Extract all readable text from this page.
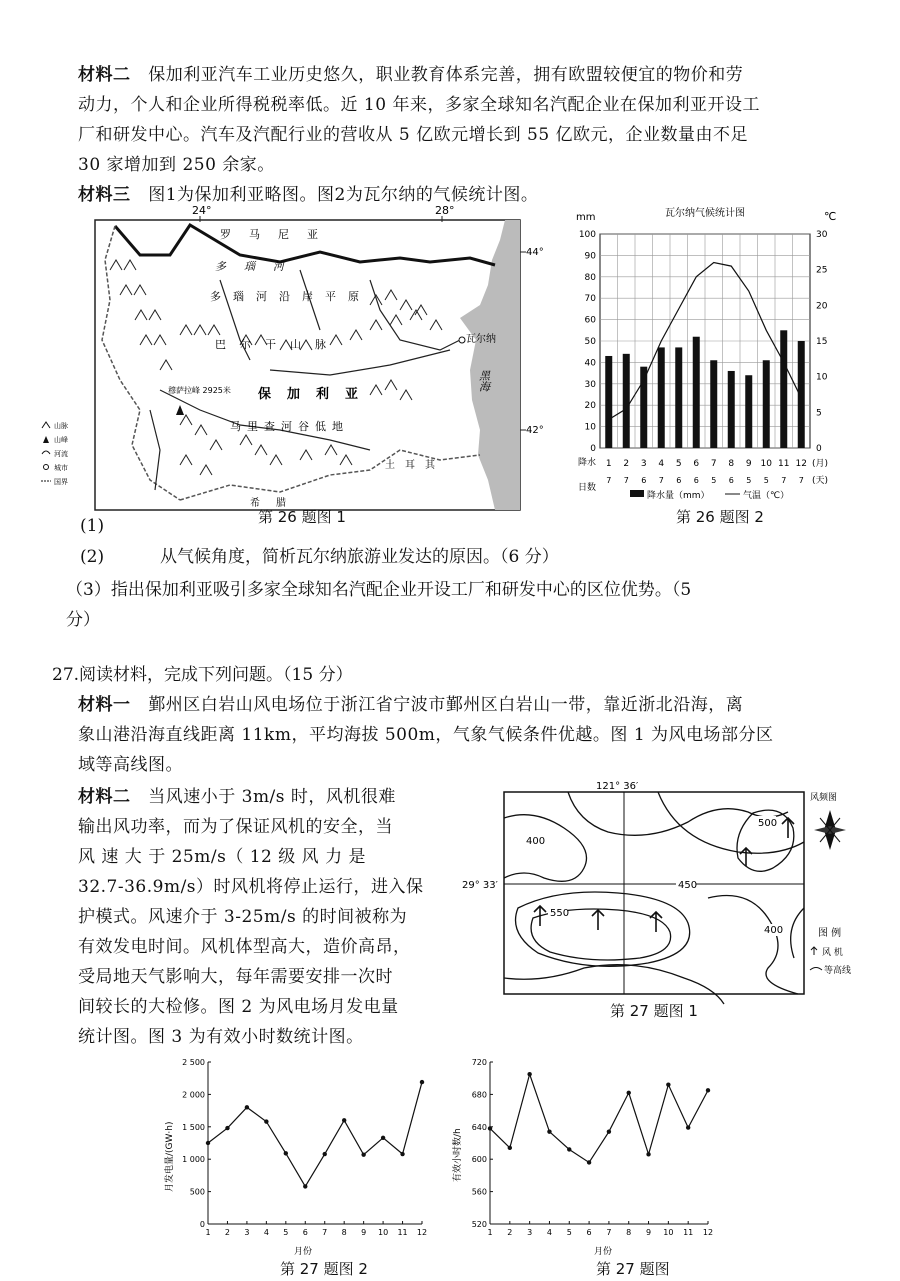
材料二 保加利亚汽车工业历史悠久，职业教育体系完善，拥有欧盟较便宜的物价和劳
动力，个人和企业所得税税率低。近 10 年来，多家全球知名汽配企业在保加利亚开设工
厂和研发中心。汽车及汽配行业的营收从 5 亿欧元增长到 55 亿欧元，企业数量由不足
30 家增加到 250 余家。
材料三 图1为保加利亚略图。图2为瓦尔纳的气候统计图。
24°	28°
罗马尼亚
多瑙河
多瑙河沿岸平原
巴尔干山脉	瓦尔纳
黑海
穆萨拉峰 2925米 保加利亚
马里查河谷低地
土耳其
希腊
44°
42°
山脉
山峰
河流
城市
国界
第 26 题图 1
瓦尔纳气候统计图
mm	℃
100
90
80
70
60
50
40
30
20
10
0
30
25
20
15
10
5
0
1 2 3 4 5 6 7 8 9 10 11 12 (月)
降水
日数
7 7 6 7 6 6 5 6 5 5 7 7 (天)
降水量（mm）	气温（℃）
第 26 题图 2
(1)
(2)	从气候角度，简析瓦尔纳旅游业发达的原因。（6 分）
（3）指出保加利亚吸引多家全球知名汽配企业开设工厂和研发中心的区位优势。（5
分）
27.阅读材料，完成下列问题。（15 分）
材料一 鄞州区白岩山风电场位于浙江省宁波市鄞州区白岩山一带，靠近浙北沿海，离
象山港沿海直线距离 11km，平均海拔 500m，气象气候条件优越。图 1 为风电场部分区
域等高线图。
材料二 当风速小于 3m/s 时，风机很难
输出风功率，而为了保证风机的安全，当
风 速 大 于 25m/s（ 12 级 风 力 是
32.7-36.9m/s）时风机将停止运行，进入保
护模式。风速介于 3-25m/s 的时间被称为
有效发电时间。风机体型高大，造价高昂，
受局地天气影响大，每年需要安排一次时
间较长的大检修。图 2 为风电场月发电量
统计图。图 3 为有效小时数统计图。
121° 36′
29° 33′
400
500
450
550
400
风频图
图 例
风 机
等高线
第 27 题图 1
月发电量/(GW·h)
2 500
2 000
1 500
1 000
500
0
1 2 3 4 5 6 7 8 9 10 11 12
月份
第 27 题图 2
有效小时数/h
720
680
640
600
560
520
1 2 3 4 5 6 7 8 9 10 11 12
月份
第 27 题图
